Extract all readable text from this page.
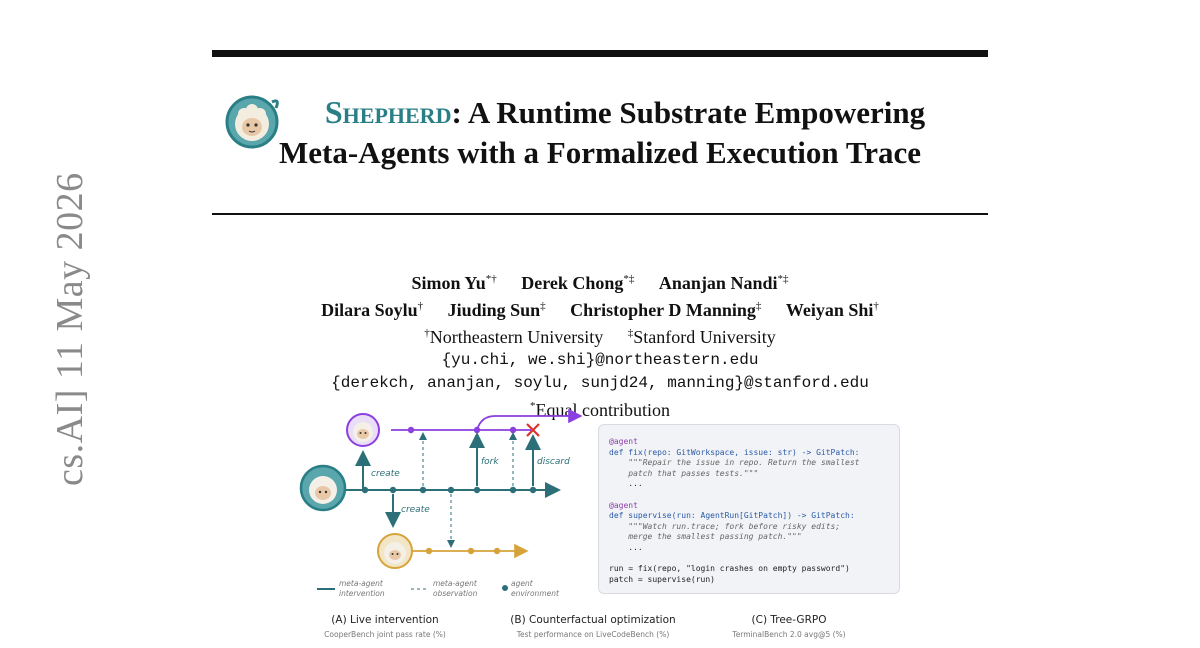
cs.AI] 11 May 2026
Shepherd: A Runtime Substrate Empowering
Meta-Agents with a Formalized Execution Trace
Simon Yu*† Derek Chong*‡ Ananjan Nandi*‡
Dilara Soylu† Jiuding Sun‡ Christopher D Manning‡ Weiyan Shi†
†Northeastern University ‡Stanford University
{yu.chi, we.shi}@northeastern.edu
{derekch, ananjan, soylu, sunjd24, manning}@stanford.edu
*Equal contribution
create
create
fork	discard
meta-agent
intervention
meta-agent
observation
agent
environment
@agent
def fix(repo: GitWorkspace, issue: str) -> GitPatch:
"""Repair the issue in repo. Return the smallest
patch that passes tests."""
...

@agent
def supervise(run: AgentRun[GitPatch]) -> GitPatch:
"""Watch run.trace; fork before risky edits;
merge the smallest passing patch."""
...

run = fix(repo, "login crashes on empty password")
patch = supervise(run)
(A) Live intervention
CooperBench joint pass rate (%)
(B) Counterfactual optimization
Test performance on LiveCodeBench (%)
(C) Tree-GRPO
TerminalBench 2.0 avg@5 (%)
